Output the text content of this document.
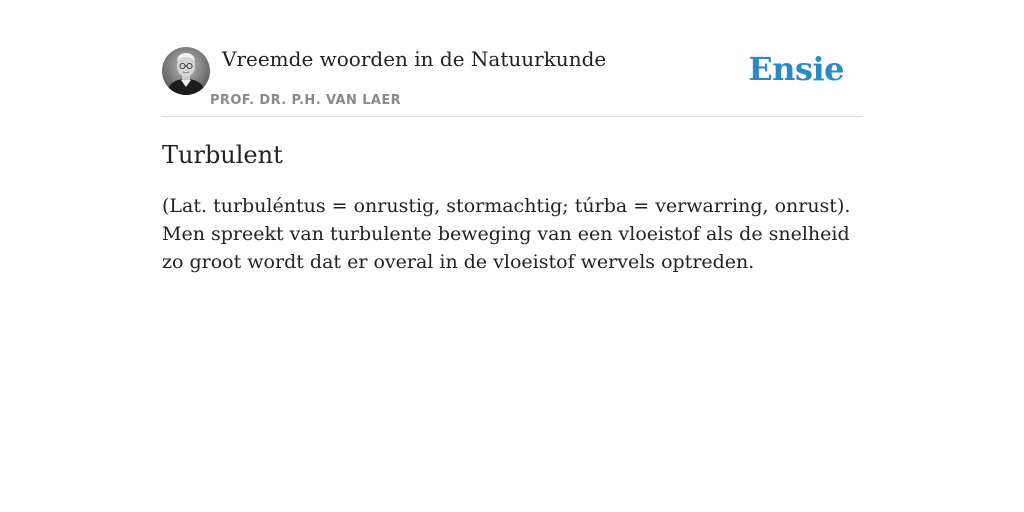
Vreemde woorden in de Natuurkunde
PROF. DR. P.H. VAN LAER
Ensie
Turbulent

(Lat. turbuléntus = onrustig, stormachtig; túrba = verwarring, onrust). Men spreekt van turbulente beweging van een vloeistof als de snelheid zo groot wordt dat er overal in de vloeistof wervels optreden.
